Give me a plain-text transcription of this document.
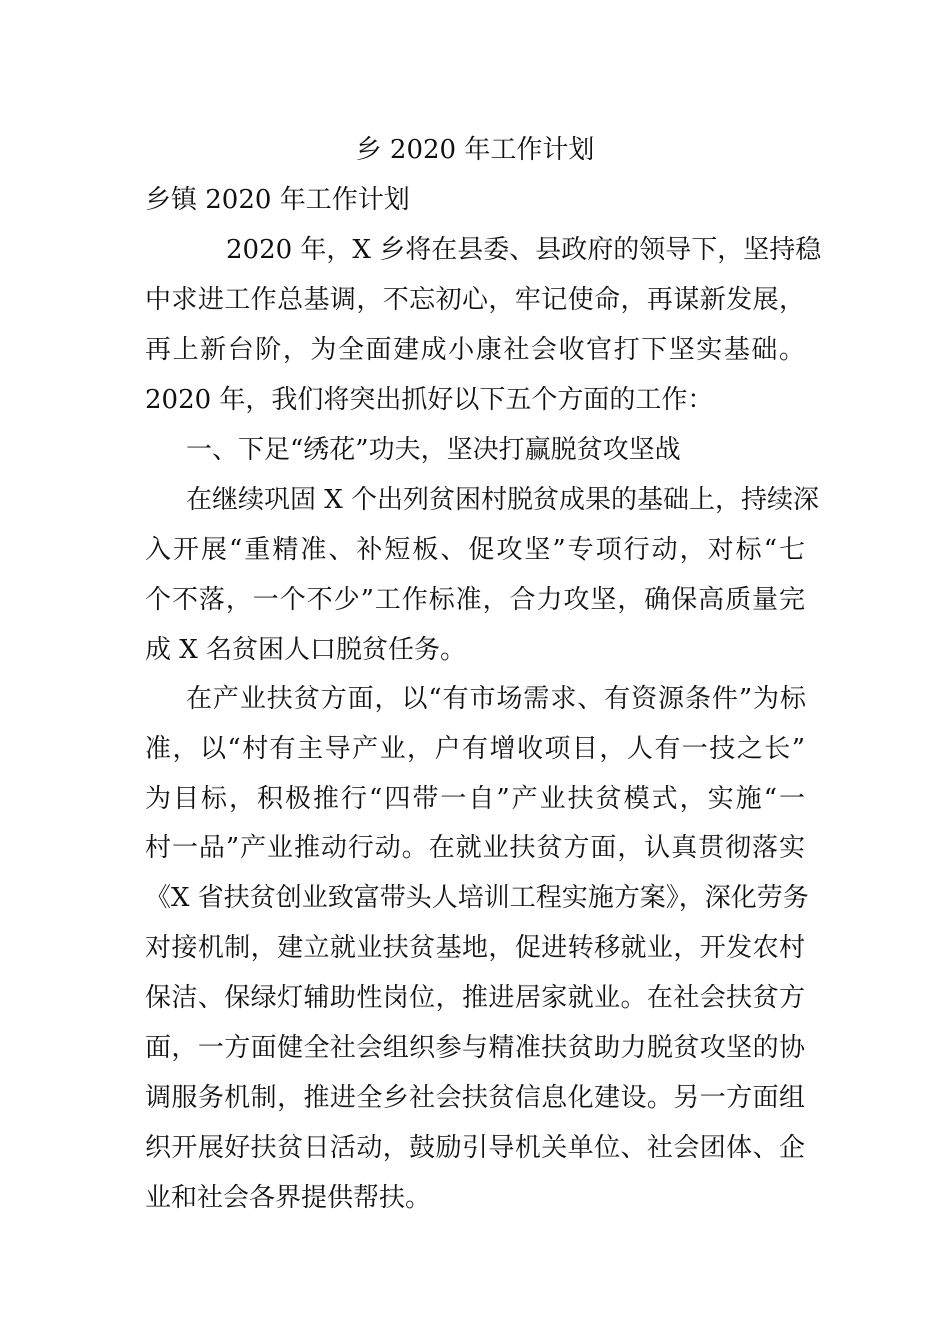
乡 2020 年工作计划
乡镇 2020 年工作计划
2020 年，X 乡将在县委、县政府的领导下，坚持稳
中求进工作总基调，不忘初心，牢记使命，再谋新发展，
再上新台阶，为全面建成小康社会收官打下坚实基础。
2020 年，我们将突出抓好以下五个方面的工作：
一、下足“绣花”功夫，坚决打赢脱贫攻坚战
在继续巩固 X 个出列贫困村脱贫成果的基础上，持续深
入开展“重精准、补短板、促攻坚”专项行动，对标“七
个不落，一个不少”工作标准，合力攻坚，确保高质量完
成 X 名贫困人口脱贫任务。
在产业扶贫方面，以“有市场需求、有资源条件”为标
准，以“村有主导产业，户有增收项目，人有一技之长”
为目标，积极推行“四带一自”产业扶贫模式，实施“一
村一品”产业推动行动。在就业扶贫方面，认真贯彻落实
《X 省扶贫创业致富带头人培训工程实施方案》，深化劳务
对接机制，建立就业扶贫基地，促进转移就业，开发农村
保洁、保绿灯辅助性岗位，推进居家就业。在社会扶贫方
面，一方面健全社会组织参与精准扶贫助力脱贫攻坚的协
调服务机制，推进全乡社会扶贫信息化建设。另一方面组
织开展好扶贫日活动，鼓励引导机关单位、社会团体、企
业和社会各界提供帮扶。
